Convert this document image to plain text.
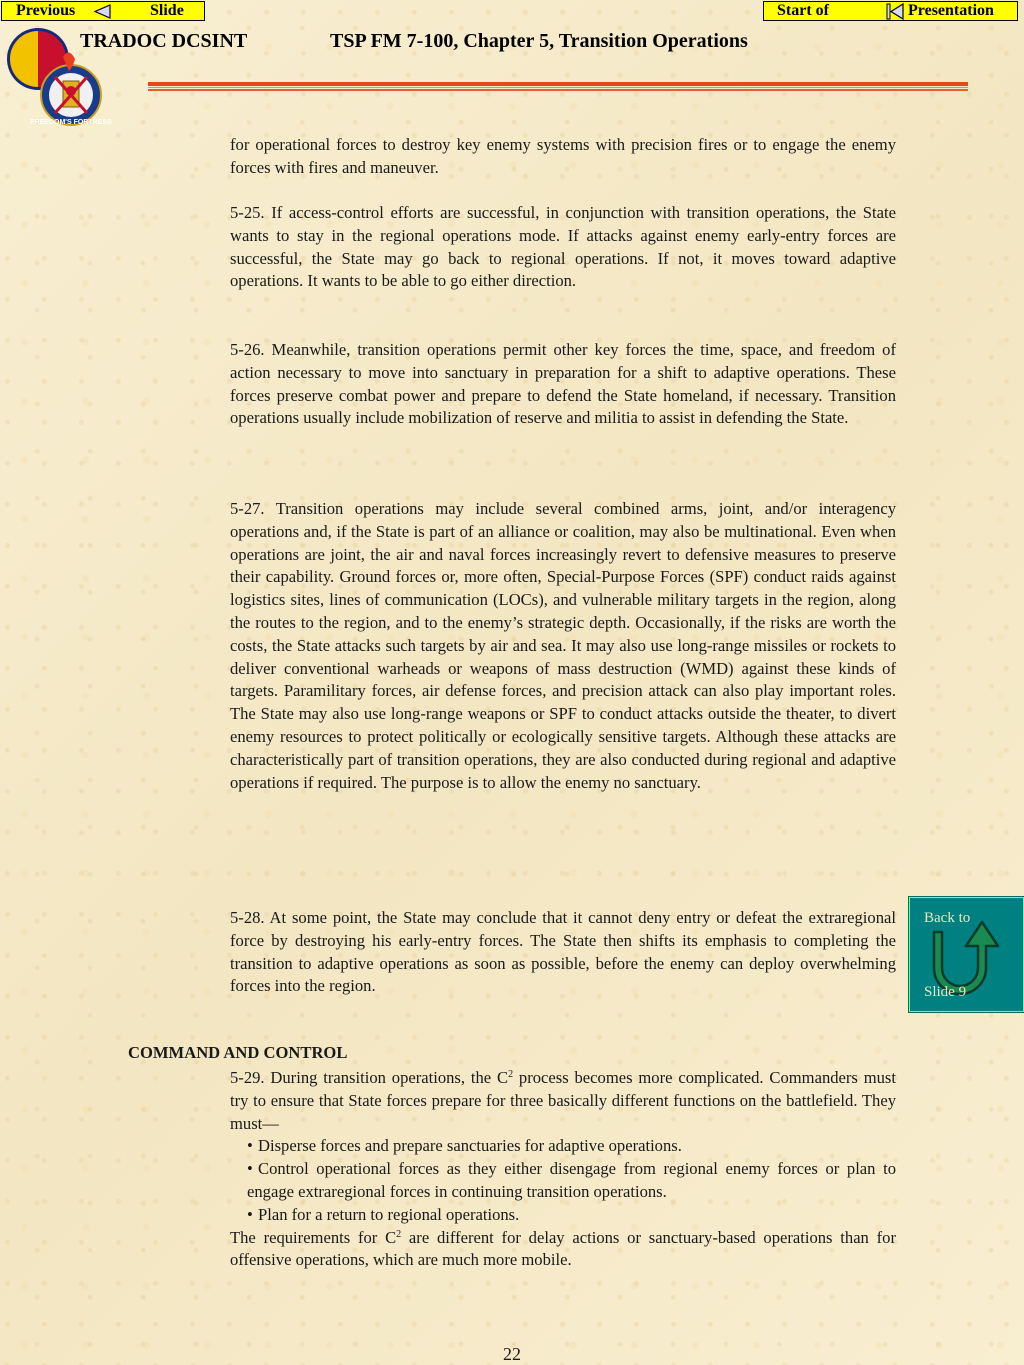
Previous	Slide	Start of	Presentation
FREEDOM'S FORTRESS
TRADOC DCSINT	TSP FM 7-100, Chapter 5, Transition Operations

for operational forces to destroy key enemy systems with precision fires or to engage the enemy forces with fires and maneuver.

5-25. If access-control efforts are successful, in conjunction with transition operations, the State wants to stay in the regional operations mode. If attacks against enemy early-entry forces are successful, the State may go back to regional operations. If not, it moves toward adaptive operations. It wants to be able to go either direction.

5-26. Meanwhile, transition operations permit other key forces the time, space, and freedom of action necessary to move into sanctuary in preparation for a shift to adaptive operations. These forces preserve combat power and prepare to defend the State homeland, if necessary. Transition operations usually include mobilization of reserve and militia to assist in defending the State.

5-27. Transition operations may include several combined arms, joint, and/or interagency operations and, if the State is part of an alliance or coalition, may also be multinational. Even when operations are joint, the air and naval forces increasingly revert to defensive measures to preserve their capability. Ground forces or, more often, Special-Purpose Forces (SPF) conduct raids against logistics sites, lines of communication (LOCs), and vulnerable military targets in the region, along the routes to the region, and to the enemy’s strategic depth. Occasionally, if the risks are worth the costs, the State attacks such targets by air and sea. It may also use long-range missiles or rockets to deliver conventional warheads or weapons of mass destruction (WMD) against these kinds of targets. Paramilitary forces, air defense forces, and precision attack can also play important roles. The State may also use long-range weapons or SPF to conduct attacks outside the theater, to divert enemy resources to protect politically or ecologically sensitive targets. Although these attacks are characteristically part of transition operations, they are also conducted during regional and adaptive operations if required. The purpose is to allow the enemy no sanctuary.

5-28. At some point, the State may conclude that it cannot deny entry or defeat the extraregional force by destroying his early-entry forces. The State then shifts its emphasis to completing the transition to adaptive operations as soon as possible, before the enemy can deploy overwhelming forces into the region.

COMMAND AND CONTROL

5-29. During transition operations, the $C^2$ process becomes more complicated. Commanders must try to ensure that State forces prepare for three basically different functions on the battlefield. They must—

• Disperse forces and prepare sanctuaries for adaptive operations.

• Control operational forces as they either disengage from regional enemy forces or plan to engage extraregional forces in continuing transition operations.

• Plan for a return to regional operations.

The requirements for $C^2$ are different for delay actions or sanctuary-based operations than for offensive operations, which are much more mobile.

Back to
Slide 9
22
